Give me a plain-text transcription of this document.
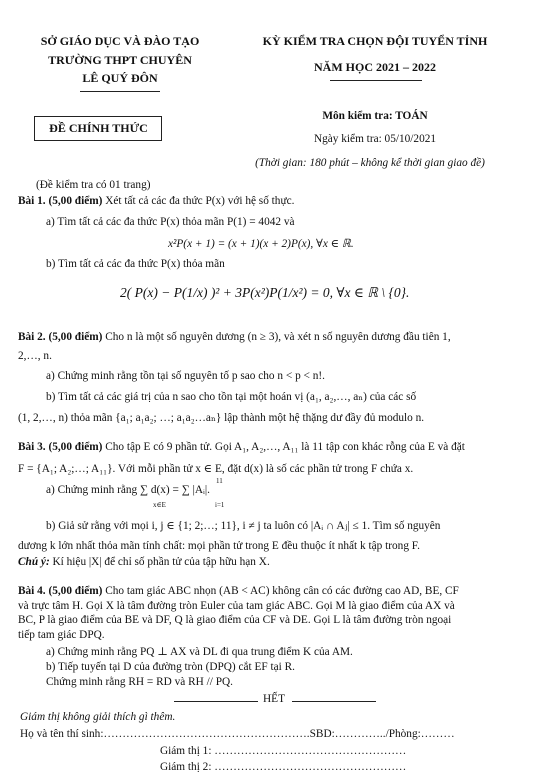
SỞ GIÁO DỤC VÀ ĐÀO TẠO
TRƯỜNG THPT CHUYÊN
LÊ QUÝ ĐÔN
KỲ KIỂM TRA CHỌN ĐỘI TUYỂN TỈNH
NĂM HỌC 2021 – 2022
ĐỀ CHÍNH THỨC
Môn kiểm tra: TOÁN
Ngày kiểm tra: 05/10/2021
(Thời gian: 180 phút – không kể thời gian giao đề)
(Đề kiểm tra có 01 trang)
Bài 1. (5,00 điểm) Xét tất cả các đa thức P(x) với hệ số thực.
a) Tìm tất cả các đa thức P(x) thỏa mãn P(1) = 4042 và
x²P(x + 1) = (x + 1)(x + 2)P(x), ∀x ∈ ℝ.
b) Tìm tất cả các đa thức P(x) thỏa mãn
2( P(x) − P(1/x) )² + 3P(x²)P(1/x²) = 0, ∀x ∈ ℝ \ {0}.
Bài 2. (5,00 điểm) Cho n là một số nguyên dương (n ≥ 3), và xét n số nguyên dương đầu tiên 1,
2,…, n.
a) Chứng minh rằng tồn tại số nguyên tố p sao cho n < p < n!.
b) Tìm tất cả các giá trị của n sao cho tồn tại một hoán vị (a₁, a₂,…, aₙ) của các số
(1, 2,…, n) thỏa mãn {a₁; a₁a₂; …; a₁a₂…aₙ} lập thành một hệ thặng dư đầy đủ modulo n.
Bài 3. (5,00 điểm) Cho tập E có 9 phần tử. Gọi A₁, A₂,…, A₁₁ là 11 tập con khác rỗng của E và đặt
F = {A₁; A₂;…; A₁₁}. Với mỗi phần tử x ∈ E, đặt d(x) là số các phần tử trong F chứa x.
a) Chứng minh rằng ∑ d(x) = ∑ |Aᵢ|.
x∈E
11
i=1
b) Giả sử rằng với mọi i, j ∈ {1; 2;…; 11}, i ≠ j ta luôn có |Aᵢ ∩ Aⱼ| ≤ 1. Tìm số nguyên
dương k lớn nhất thỏa mãn tính chất: mọi phần tử trong E đều thuộc ít nhất k tập trong F.
Chú ý: Kí hiệu |X| để chỉ số phần tử của tập hữu hạn X.
Bài 4. (5,00 điểm) Cho tam giác ABC nhọn (AB < AC) không cân có các đường cao AD, BE, CF
và trực tâm H. Gọi X là tâm đường tròn Euler của tam giác ABC. Gọi M là giao điểm của AX và
BC, P là giao điểm của BE và DF, Q là giao điểm của CF và DE. Gọi L là tâm đường tròn ngoại
tiếp tam giác DPQ.
a) Chứng minh rằng PQ ⊥ AX và DL đi qua trung điểm K của AM.
b) Tiếp tuyến tại D của đường tròn (DPQ) cắt EF tại R.
Chứng minh rằng RH = RD và RH // PQ.
HẾT
Giám thị không giải thích gì thêm.
Họ và tên thí sinh:……………………………………………….SBD:…………../Phòng:………
Giám thị 1: ……………………………………………
Giám thị 2: ……………………………………………
